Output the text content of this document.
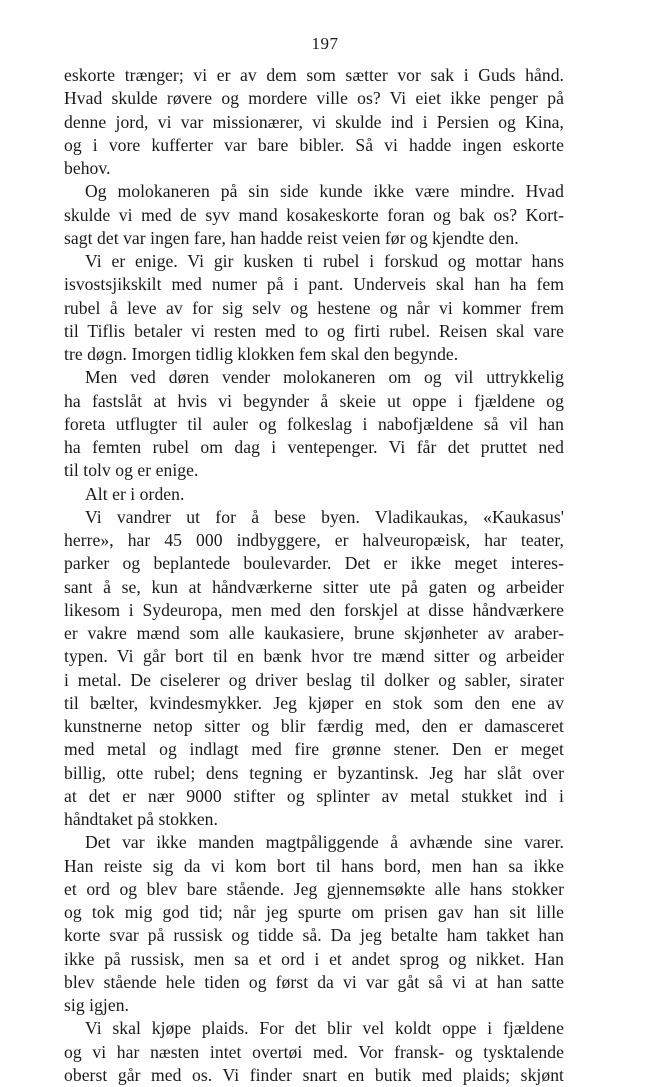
197
eskorte trænger; vi er av dem som sætter vor sak i Guds hånd.
Hvad skulde røvere og mordere ville os? Vi eiet ikke penger på
denne jord, vi var missionærer, vi skulde ind i Persien og Kina,
og i vore kufferter var bare bibler. Så vi hadde ingen eskorte
behov.
Og molokaneren på sin side kunde ikke være mindre. Hvad
skulde vi med de syv mand kosakeskorte foran og bak os? Kort-
sagt det var ingen fare, han hadde reist veien før og kjendte den.
Vi er enige. Vi gir kusken ti rubel i forskud og mottar hans
isvostsjikskilt med numer på i pant. Underveis skal han ha fem
rubel å leve av for sig selv og hestene og når vi kommer frem
til Tiflis betaler vi resten med to og firti rubel. Reisen skal vare
tre døgn. Imorgen tidlig klokken fem skal den begynde.
Men ved døren vender molokaneren om og vil uttrykkelig
ha fastslåt at hvis vi begynder å skeie ut oppe i fjældene og
foreta utflugter til auler og folkeslag i nabofjældene så vil han
ha femten rubel om dag i ventepenger. Vi får det pruttet ned
til tolv og er enige.
Alt er i orden.
Vi vandrer ut for å bese byen. Vladikaukas, «Kaukasus'
herre», har 45 000 indbyggere, er halveuropæisk, har teater,
parker og beplantede boulevarder. Det er ikke meget interes-
sant å se, kun at håndværkerne sitter ute på gaten og arbeider
likesom i Sydeuropa, men med den forskjel at disse håndværkere
er vakre mænd som alle kaukasiere, brune skjønheter av araber-
typen. Vi går bort til en bænk hvor tre mænd sitter og arbeider
i metal. De ciselerer og driver beslag til dolker og sabler, sirater
til bælter, kvindesmykker. Jeg kjøper en stok som den ene av
kunstnerne netop sitter og blir færdig med, den er damasceret
med metal og indlagt med fire grønne stener. Den er meget
billig, otte rubel; dens tegning er byzantinsk. Jeg har slåt over
at det er nær 9000 stifter og splinter av metal stukket ind i
håndtaket på stokken.
Det var ikke manden magtpåliggende å avhænde sine varer.
Han reiste sig da vi kom bort til hans bord, men han sa ikke
et ord og blev bare stående. Jeg gjennemsøkte alle hans stokker
og tok mig god tid; når jeg spurte om prisen gav han sit lille
korte svar på russisk og tidde så. Da jeg betalte ham takket han
ikke på russisk, men sa et ord i et andet sprog og nikket. Han
blev stående hele tiden og først da vi var gåt så vi at han satte
sig igjen.
Vi skal kjøpe plaids. For det blir vel koldt oppe i fjældene
og vi har næsten intet overtøi med. Vor fransk- og tysktalende
oberst går med os. Vi finder snart en butik med plaids; skjønt
